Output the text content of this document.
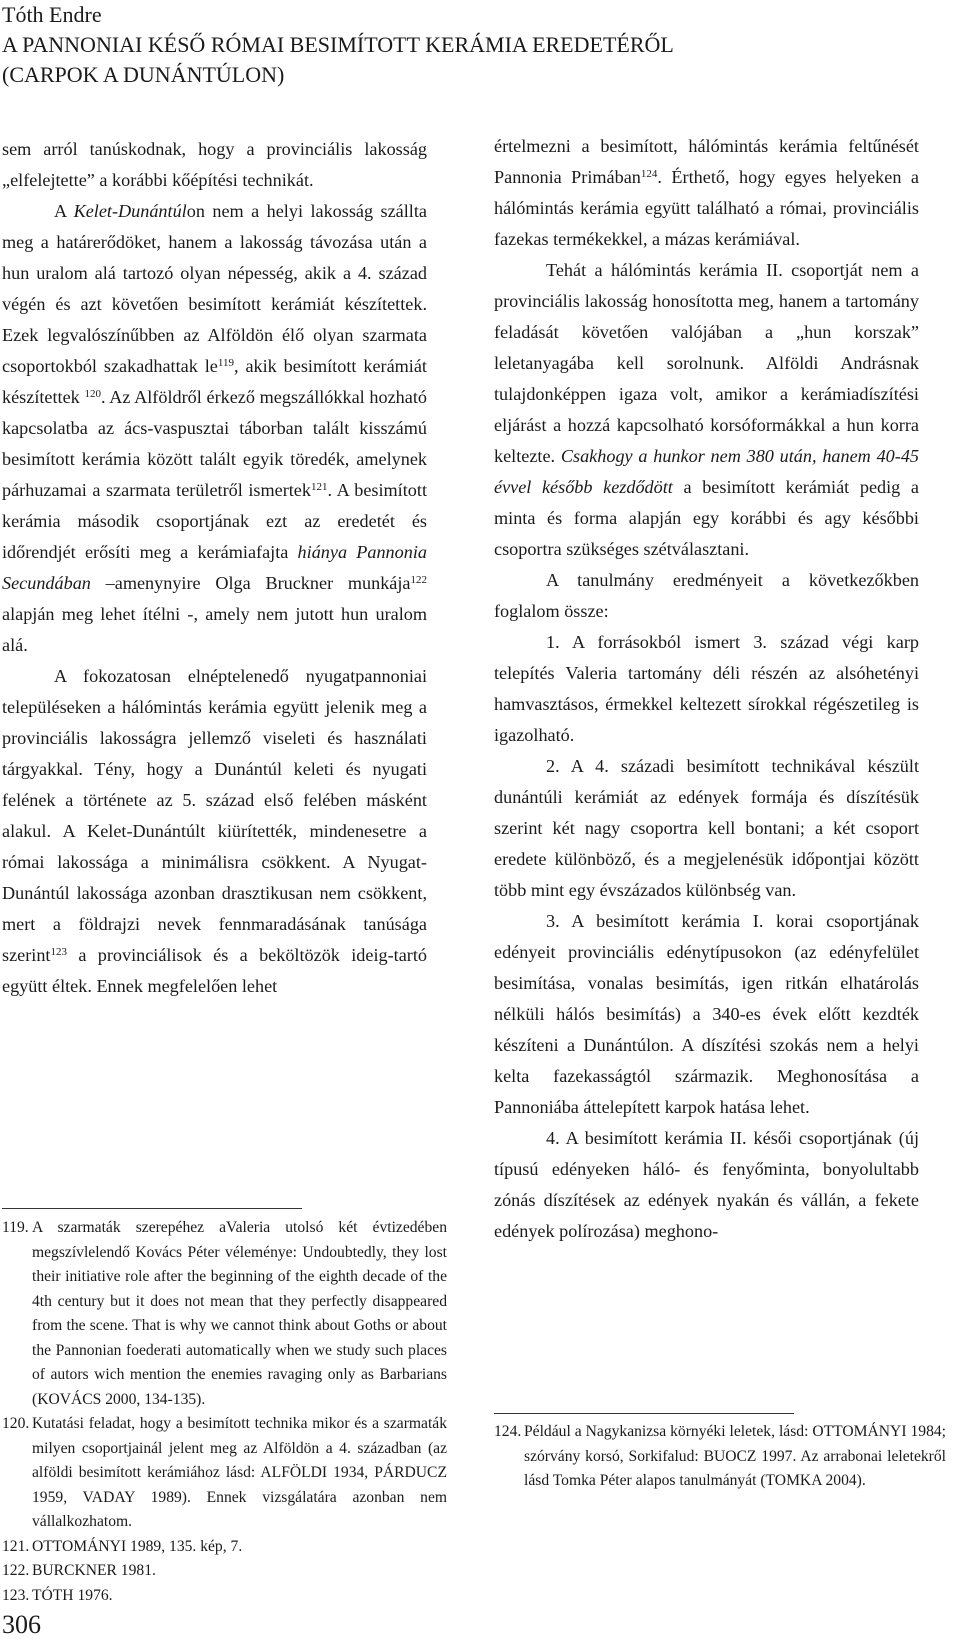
Tóth Endre
A PANNONIAI KÉSŐ RÓMAI BESIMÍTOTT KERÁMIA EREDETÉRŐL
(CARPOK A DUNÁNTÚLON)

sem arról tanúskodnak, hogy a provinciális lakosság „elfelejtette” a korábbi kőépítési technikát.

A Kelet-Dunántúlon nem a helyi lakosság szállta meg a határerődöket, hanem a lakosság távozása után a hun uralom alá tartozó olyan népesség, akik a 4. század végén és azt követően besimított kerámiát készítettek. Ezek legvalószínűbben az Alföldön élő olyan szarmata csoportokból szakadhattak $le^{119}$, akik besimított kerámiát készítettek $^{120}$. Az Alföldről érkező megszállókkal hozható kapcsolatba az ács-vaspusztai táborban talált kisszámú besimított kerámia között talált egyik töredék, amelynek párhuzamai a szarmata területről ismertek$^{121}$. A besimított kerámia második csoportjának ezt az eredetét és időrendjét erősíti meg a kerámiafajta hiánya Pannonia Secundában –amenynyire Olga Bruckner munkája$^{122}$ alapján meg lehet ítélni -, amely nem jutott hun uralom alá.

A fokozatosan elnéptelenedő nyugatpannoniai településeken a hálómintás kerámia együtt jelenik meg a provinciális lakosságra jellemző viseleti és használati tárgyakkal. Tény, hogy a Dunántúl keleti és nyugati felének a története az 5. század első felében másként alakul. A Kelet-Dunántúlt kiürítették, mindenesetre a római lakossága a minimálisra csökkent. A Nyugat-Dunántúl lakossága azonban drasztikusan nem csökkent, mert a földrajzi nevek fennmaradásának tanúsága szerint$^{123}$ a provinciálisok és a beköltözök ideig-tartó együtt éltek. Ennek megfelelően lehet

értelmezni a besimított, hálómintás kerámia feltűnését Pannonia Primában$^{124}$. Érthető, hogy egyes helyeken a hálómintás kerámia együtt található a római, provinciális fazekas termékekkel, a mázas kerámiával.

Tehát a hálómintás kerámia II. csoportját nem a provinciális lakosság honosította meg, hanem a tartomány feladását követően valójában a „hun korszak” leletanyagába kell sorolnunk. Alföldi Andrásnak tulajdonképpen igaza volt, amikor a kerámiadíszítési eljárást a hozzá kapcsolható korsóformákkal a hun korra keltezte. Csakhogy a hunkor nem 380 után, hanem 40-45 évvel később kezdődött a besimított kerámiát pedig a minta és forma alapján egy korábbi és agy későbbi csoportra szükséges szétválasztani.

A tanulmány eredményeit a következőkben foglalom össze:

1. A forrásokból ismert 3. század végi karp telepítés Valeria tartomány déli részén az alsóhetényi hamvasztásos, érmekkel keltezett sírokkal régészetileg is igazolható.

2. A 4. századi besimított technikával készült dunántúli kerámiát az edények formája és díszítésük szerint két nagy csoportra kell bontani; a két csoport eredete különböző, és a megjelenésük időpontjai között több mint egy évszázados különbség van.

3. A besimított kerámia I. korai csoportjának edényeit provinciális edénytípusokon (az edényfelület besimítása, vonalas besimítás, igen ritkán elhatárolás nélküli hálós besimítás) a 340-es évek előtt kezdték készíteni a Dunántúlon. A díszítési szokás nem a helyi kelta fazekasságtól származik. Meghonosítása a Pannoniába áttelepített karpok hatása lehet.

4. A besimított kerámia II. késői csoportjának (új típusú edényeken háló- és fenyőminta, bonyolultabb zónás díszítések az edények nyakán és vállán, a fekete edények polírozása) meghono-

119. A szarmaták szerepéhez aValeria utolsó két évtizedében megszívlelendő Kovács Péter véleménye: Undoubtedly, they lost their initiative role after the beginning of the eighth decade of the 4th century but it does not mean that they perfectly disappeared from the scene. That is why we cannot think about Goths or about the Pannonian foederati automatically when we study such places of autors wich mention the enemies ravaging only as Barbarians (KOVÁCS 2000, 134-135).

120. Kutatási feladat, hogy a besimított technika mikor és a szarmaták milyen csoportjainál jelent meg az Alföldön a 4. században (az alföldi besimított kerámiához lásd: ALFÖLDI 1934, PÁRDUCZ 1959, VADAY 1989). Ennek vizsgálatára azonban nem vállalkozhatom.

121. OTTOMÁNYI 1989, 135. kép, 7.

122. BURCKNER 1981.

123. TÓTH 1976.

124. Például a Nagykanizsa környéki leletek, lásd: OTTOMÁNYI 1984; szórvány korsó, Sorkifalud: BUOCZ 1997. Az arrabonai leletekről lásd Tomka Péter alapos tanulmányát (TOMKA 2004).

306
